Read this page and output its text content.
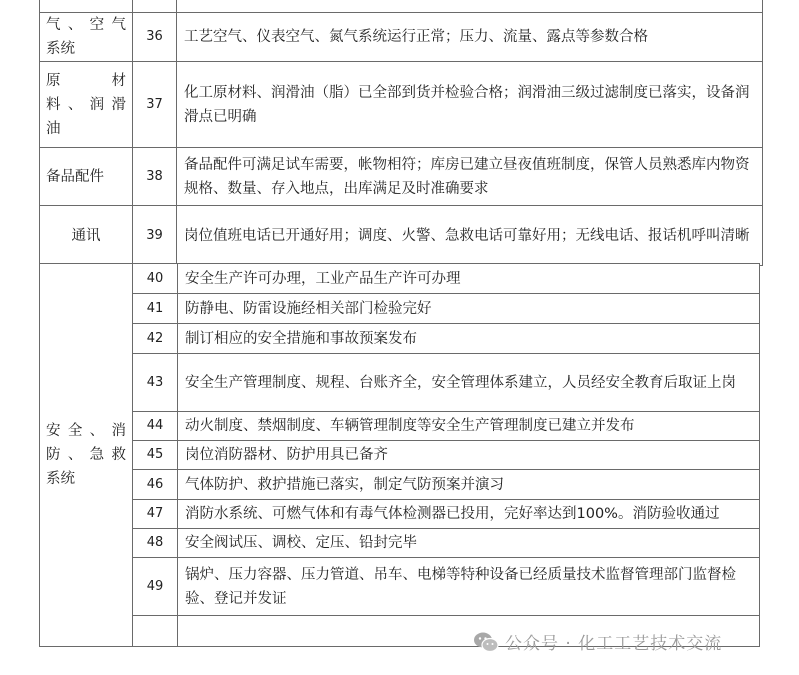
气、空气
系统	36	工艺空气、仪表空气、氮气系统运行正常；压力、流量、露点等参数合格

原　　材
料、润滑
油	37	化工原材料、润滑油（脂）已全部到货并检验合格；润滑油三级过滤制度已落实，设备润滑点已明确
备品配件	38	备品配件可满足试车需要，帐物相符；库房已建立昼夜值班制度，保管人员熟悉库内物资规格、数量、存入地点，出库满足及时准确要求
通讯	39	岗位值班电话已开通好用；调度、火警、急救电话可靠好用；无线电话、报话机呼叫清晰
安全、消
防、急救
系统	40	安全生产许可办理，工业产品生产许可办理
	41	防静电、防雷设施经相关部门检验完好
	42	制订相应的安全措施和事故预案发布
	43	安全生产管理制度、规程、台账齐全，安全管理体系建立，人员经安全教育后取证上岗
	44	动火制度、禁烟制度、车辆管理制度等安全生产管理制度已建立并发布
	45	岗位消防器材、防护用具已备齐
	46	气体防护、救护措施已落实，制定气防预案并演习
	47	消防水系统、可燃气体和有毒气体检测器已投用，完好率达到100%。消防验收通过
	48	安全阀试压、调校、定压、铅封完毕
	49	锅炉、压力容器、压力管道、吊车、电梯等特种设备已经质量技术监督管理部门监督检验、登记并发证

公众号 · 化工工艺技术交流
